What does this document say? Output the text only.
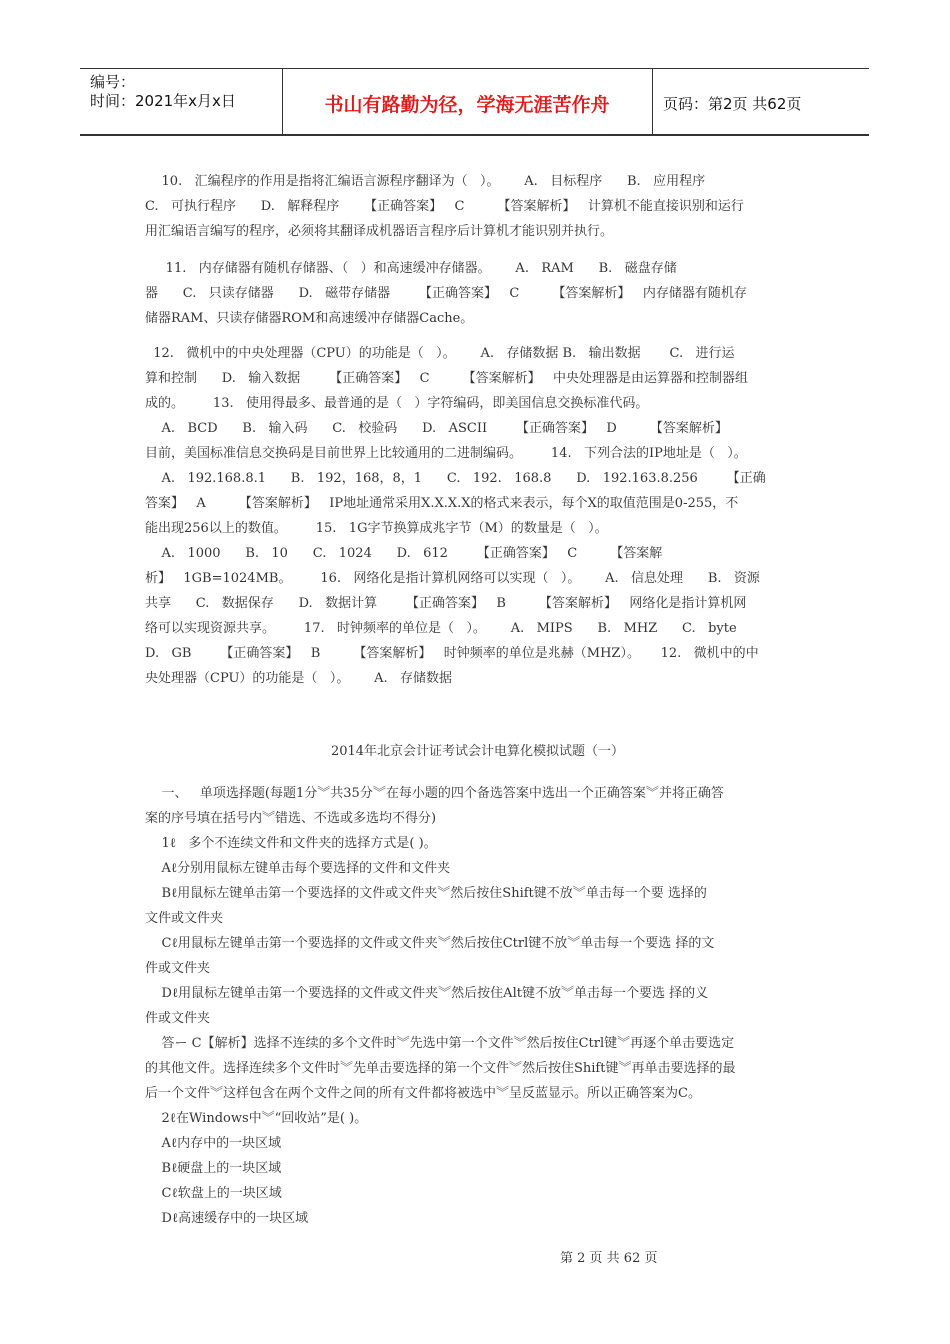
编号：
时间：2021年x月x日	书山有路勤为径，学海无涯苦作舟	页码：第2页 共62页

10.   汇编程序的作用是指将汇编语言源程序翻译为（   ）。      A.   目标程序      B.   应用程序
C.   可执行程序      D.   解释程序      【正确答案】   C        【答案解析】   计算机不能直接识别和运行
用汇编语言编写的程序，必须将其翻译成机器语言程序后计算机才能识别并执行。

11.   内存储器有随机存储器、（   ）和高速缓冲存储器。      A.   RAM      B.   磁盘存储
器      C.   只读存储器      D.   磁带存储器       【正确答案】   C        【答案解析】   内存储器有随机存
储器RAM、只读存储器ROM和高速缓冲存储器Cache。

12.   微机中的中央处理器（CPU）的功能是（   ）。      A.   存储数据 B.   输出数据       C.   进行运
算和控制      D.   输入数据       【正确答案】   C        【答案解析】   中央处理器是由运算器和控制器组
成的。       13.   使用得最多、最普通的是（   ）字符编码，即美国信息交换标准代码。
A.   BCD      B.   输入码      C.   校验码      D.   ASCII       【正确答案】   D        【答案解析】
目前，美国标准信息交换码是目前世界上比较通用的二进制编码。       14.   下列合法的IP地址是（   ）。
A.   192.168.8.1      B.   192，168，8，1      C.   192.   168.8      D.   192.163.8.256       【正确
答案】   A        【答案解析】   IP地址通常采用X.X.X.X的格式来表示，每个X的取值范围是0-255，不
能出现256以上的数值。       15.   1G字节换算成兆字节（M）的数量是（   ）。
A.   1000      B.   10      C.   1024      D.   612       【正确答案】   C        【答案解
析】   1GB=1024MB。       16.   网络化是指计算机网络可以实现（   ）。      A.   信息处理      B.   资源
共享      C.   数据保存      D.   数据计算       【正确答案】   B        【答案解析】   网络化是指计算机网
络可以实现资源共享。       17.   时钟频率的单位是（   ）。      A.   MIPS      B.   MHZ      C.   byte
D.   GB       【正确答案】   B        【答案解析】   时钟频率的单位是兆赫（MHZ）。     12.   微机中的中
央处理器（CPU）的功能是（   ）。      A.   存储数据

2014年北京会计证考试会计电算化模拟试题（一）

一、   单项选择题(每题1分︾共35分︾在每小题的四个备选答案中选出一个正确答案︾并将正确答
案的序号填在括号内︾错选、不选或多选均不得分)
1ℓ   多个不连续文件和文件夹的选择方式是( )。
Aℓ分别用鼠标左键单击每个要选择的文件和文件夹
Bℓ用鼠标左键单击第一个要选择的文件或文件夹︾然后按住Shift键不放︾单击每一个要 选择的
文件或文件夹
Cℓ用鼠标左键单击第一个要选择的文件或文件夹︾然后按住Ctrl键不放︾单击每一个要选 择的文
件或文件夹
Dℓ用鼠标左键单击第一个要选择的文件或文件夹︾然后按住Alt键不放︾单击每一个要选 择的义
件或文件夹
答ー C【解析】选择不连续的多个文件时︾先选中第一个文件︾然后按住Ctrl键︾再逐个单击要选定
的其他文件。选择连续多个文件时︾先单击要选择的第一个文件︾然后按住Shift键︾再单击要选择的最
后一个文件︾这样包含在两个文件之间的所有文件都将被选中︾呈反蓝显示。所以正确答案为C。
2ℓ在Windows中︾“回收站”是( )。
Aℓ内存中的一块区域
Bℓ硬盘上的一块区域
Cℓ软盘上的一块区域
Dℓ高速缓存中的一块区域

第 2 页 共 62 页
